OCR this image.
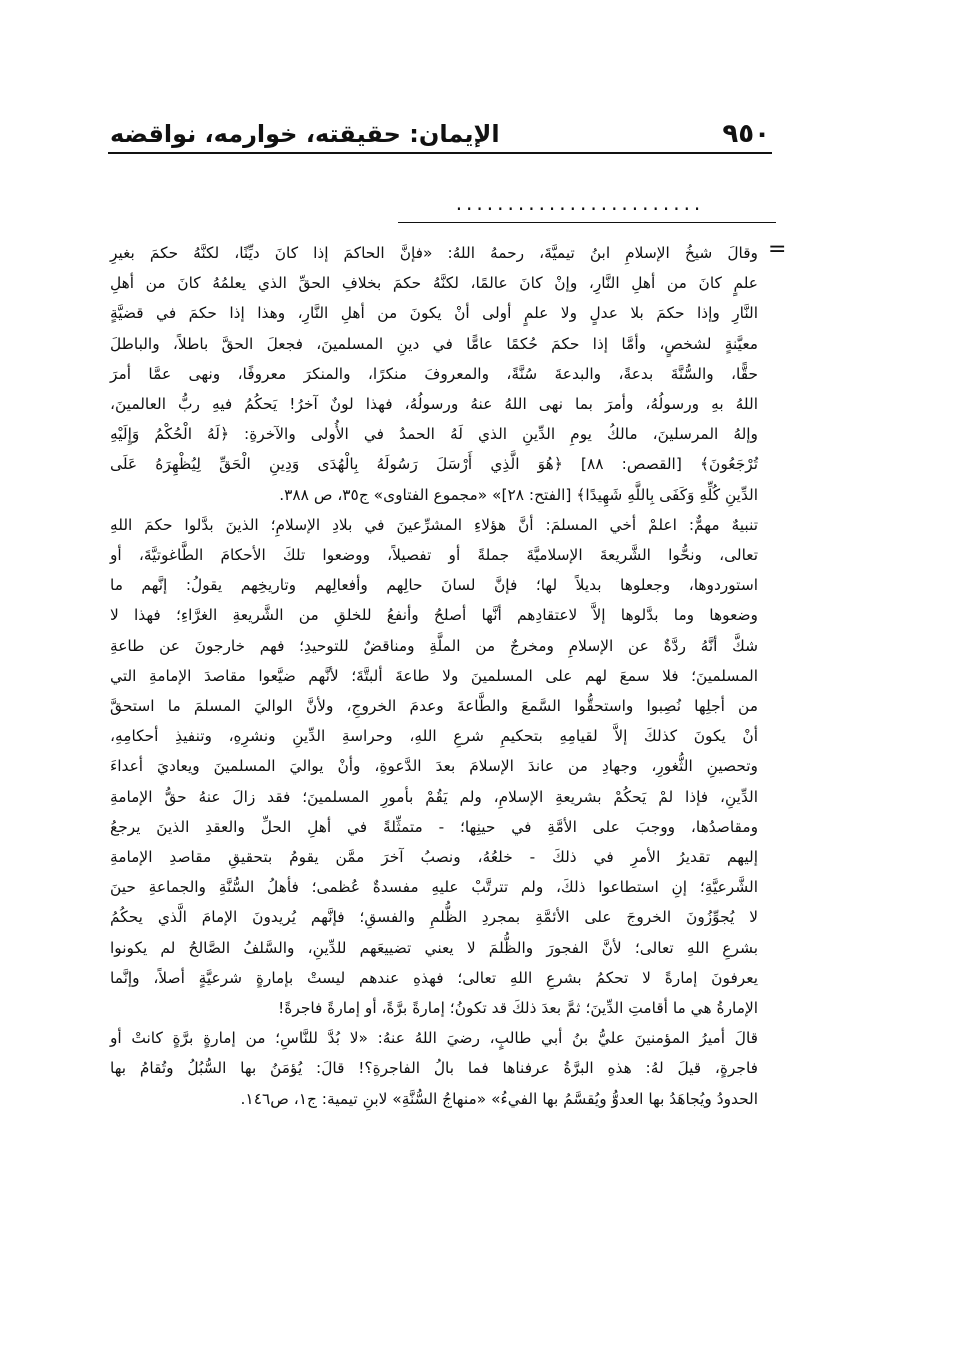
٩٥٠
الإيمان: حقيقته، خوارمه، نواقضه
........................
=
وقالَ شيخُ الإسلامِ ابنُ تيميَّةَ، رحمهُ اللهُ: «فإنَّ الحاكمَ إذا كانَ ديِّنًا، لكنَّهُ حكمَ بغيرِ
علمٍ كانَ من أهلِ النَّارِ، وإنْ كانَ عالمًا، لكنَّهُ حكمَ بخلافِ الحقِّ الذي يعلمُهُ كانَ من أهلِ
النَّارِ وإذا حكمَ بلا عدلٍ ولا علمٍ أولى أنْ يكونَ من أهلِ النَّارِ، وهذا إذا حكمَ في قضيَّةٍ
معيَّنةٍ لشخصٍ، وأمَّا إذا حكمَ حُكمًا عامًّا في دينِ المسلمينَ، فجعلَ الحقَّ باطلاً، والباطلَ
حقًّا، والسُّنَّةَ بدعةً، والبدعةَ سُنَّةً، والمعروفَ منكرًا، والمنكرَ معروفًا، ونهى عمَّا أمرَ
اللهُ بهِ ورسولُهُ، وأمرَ بما نهى اللهُ عنهُ ورسولُهُ، فهذا لونٌ آخرُ! يَحكُمُ فيهِ ربُّ العالمينَ،
وإلهُ المرسلينَ، مالكُ يومِ الدِّينِ الذي لَهُ الحمدُ في الأُولى والآخرةِ: ﴿لَهُ الْحُكْمُ وَإِلَيْهِ
تُرْجَعُونَ﴾ [القصص: ٨٨] ﴿هُوَ الَّذِي أَرْسَلَ رَسُولَهُ بِالْهُدَى وَدِينِ الْحَقِّ لِيُظْهِرَهُ عَلَى
الدِّينِ كُلِّهِ وَكَفَى بِاللَّهِ شَهِيدًا﴾ [الفتح: ٢٨]» «مجموع الفتاوى» ج٣٥، ص ٣٨٨.
تنبيهٌ مهمٌّ: اعلمْ أخي المسلمَ: أنَّ هؤلاءِ المشرِّعينَ في بلادِ الإسلامِ؛ الذينَ بدَّلوا حكمَ اللهِ
تعالى، ونحُّوا الشَّريعةَ الإسلاميَّةَ جملةً أو تفصيلاً، ووضعوا تلكَ الأحكامَ الطَّاغوتيَّةَ، أو
استوردوها، وجعلوها بديلاً لها؛ فإنَّ لسانَ حالِهم وأفعالِهم وتاريخِهم يقولُ: إنَّهم ما
وضعوها وما بدَّلوها إلاَّ لاعتقادِهم أنَّها أصلحُ وأنفعُ للخلقِ من الشَّريعةِ الغرَّاءِ؛ فهذا لا
شكَّ أنَّهُ ردَّةٌ عن الإسلامِ ومخرجٌ من الملَّةِ ومناقضٌ للتوحيدِ؛ فهم خارجونَ عن طاعةِ
المسلمينَ؛ فلا سمعَ لهم على المسلمينَ ولا طاعةَ ألبتَّةَ؛ لأنَّهم ضيَّعوا مقاصدَ الإمامةِ التي
من أجلِها نُصِبوا واستحقُّوا السَّمعَ والطَّاعةَ وعدمَ الخروجِ، ولأنَّ الواليَ المسلمَ ما استحقَّ
أنْ يكونَ كذلكَ إلاَّ لقيامِهِ بتحكيمِ شرعِ اللهِ، وحراسةِ الدِّينِ ونشرِهِ، وتنفيذِ أحكامِهِ،
وتحصينِ الثُّغورِ، وجهادِ من عاندَ الإسلامَ بعدَ الدَّعوةِ، وأنْ يواليَ المسلمينَ ويعاديَ أعداءَ
الدِّينِ، فإذا لمْ يَحكُمْ بشريعةِ الإسلامِ، ولم يَقُمْ بأمورِ المسلمينَ؛ فقد زالَ عنهُ حقُّ الإمامةِ
ومقاصدُها، ووجبَ على الأمَّةِ في حينِها؛ - متمثِّلةً في أهلِ الحلِّ والعقدِ الذينَ يرجعُ
إليهم تقديرُ الأمرِ في ذلكَ - خلعُهُ، ونصبُ آخرَ ممَّن يقومُ بتحقيقِ مقاصدِ الإمامةِ
الشَّرعيَّةِ؛ إنِ استطاعوا ذلكَ، ولم تترتَّبْ عليهِ مفسدةٌ عُظمى؛ فأهلُ السُّنَّةِ والجماعةِ حينَ
لا يُجوِّزُونَ الخروجَ على الأئمَّةِ بمجردِ الظُّلمِ والفسقِ؛ فإنَّهم يُريدونَ الإمامَ الَّذي يحكُمُ
بشرعِ اللهِ تعالى؛ لأنَّ الفجورَ والظُّلمَ لا يعني تضييعَهم للدِّينِ، والسَّلفُ الصَّالحُ لم يكونوا
يعرفونَ إمارةً لا تحكمُ بشرعِ اللهِ تعالى؛ فهذهِ عندهم ليستْ بإمارةٍ شرعيَّةٍ أصلاً، وإنَّما
الإمارةُ هي ما أقامتِ الدِّينَ؛ ثمَّ بعدَ ذلكَ قد تكونُ؛ إمارةً برَّةً، أو إمارةً فاجرةً!
قالَ أميرُ المؤمنينَ عليُّ بنُ أبي طالبٍ، رضيَ اللهُ عنهُ: «لا بُدَّ للنَّاسِ؛ من إمارةٍ برَّةٍ كانتْ أو
فاجرةٍ، قيلَ لهُ: هذهِ البرَّةُ عرفناها فما بالُ الفاجرةِ؟! قالَ: يُؤمَنُ بها السُّبُلُ وتُقامُ بها
الحدودُ ويُجاهَدُ بها العدوُّ ويُقسَّمُ بها الفيءُ» «منهاجُ السُّنَّةِ» لابنِ تيمية: ج١، ص١٤٦.
